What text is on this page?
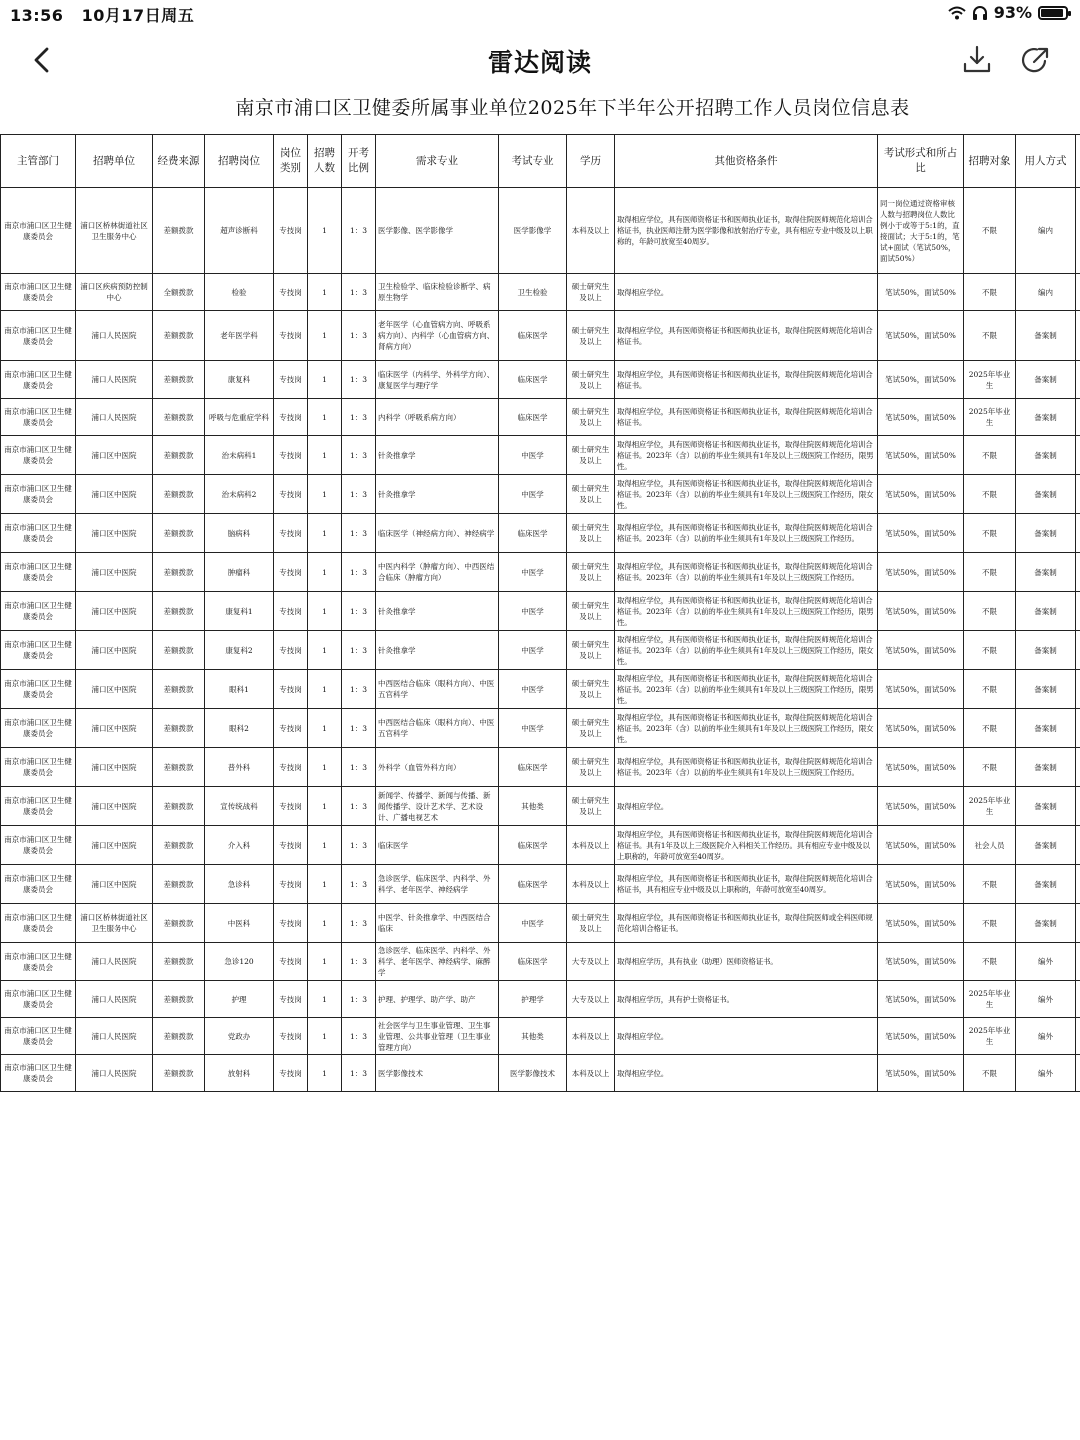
13:56 10月17日周五	93%
雷达阅读
南京市浦口区卫健委所属事业单位2025年下半年公开招聘工作人员岗位信息表
主管部门	招聘单位	经费来源	招聘岗位	岗位类别	招聘人数	开考比例	需求专业	考试专业	学历	其他资格条件	考试形式和所占比	招聘对象	用人方式	
南京市浦口区卫生健康委员会	浦口区桥林街道社区卫生服务中心	差额拨款	超声诊断科	专技岗	1	1：3	医学影像、医学影像学	医学影像学	本科及以上	取得相应学位，具有医师资格证书和医师执业证书，取得住院医师规范化培训合格证书，执业医师注册为医学影像和放射治疗专业，具有相应专业中级及以上职称的，年龄可放宽至40周岁。	同一岗位通过资格审核人数与招聘岗位人数比例小于或等于5:1的，直接面试；大于5:1的，笔试+面试（笔试50%，面试50%）	不限	编内	
南京市浦口区卫生健康委员会	浦口区疾病预防控制中心	全额拨款	检验	专技岗	1	1：3	卫生检验学、临床检验诊断学、病原生物学	卫生检验	硕士研究生及以上	取得相应学位。	笔试50%，面试50%	不限	编内	
南京市浦口区卫生健康委员会	浦口人民医院	差额拨款	老年医学科	专技岗	1	1：3	老年医学（心血管病方向、呼吸系病方向）、内科学（心血管病方向、肾病方向）	临床医学	硕士研究生及以上	取得相应学位，具有医师资格证书和医师执业证书，取得住院医师规范化培训合格证书。	笔试50%，面试50%	不限	备案制	
南京市浦口区卫生健康委员会	浦口人民医院	差额拨款	康复科	专技岗	1	1：3	临床医学（内科学、外科学方向）、康复医学与理疗学	临床医学	硕士研究生及以上	取得相应学位，具有医师资格证书和医师执业证书，取得住院医师规范化培训合格证书。	笔试50%，面试50%	2025年毕业生	备案制	
南京市浦口区卫生健康委员会	浦口人民医院	差额拨款	呼吸与危重症学科	专技岗	1	1：3	内科学（呼吸系病方向）	临床医学	硕士研究生及以上	取得相应学位，具有医师资格证书和医师执业证书，取得住院医师规范化培训合格证书。	笔试50%，面试50%	2025年毕业生	备案制	
南京市浦口区卫生健康委员会	浦口区中医院	差额拨款	治未病科1	专技岗	1	1：3	针灸推拿学	中医学	硕士研究生及以上	取得相应学位，具有医师资格证书和医师执业证书，取得住院医师规范化培训合格证书。2023年（含）以前的毕业生须具有1年及以上三级医院工作经历，限男性。	笔试50%，面试50%	不限	备案制	
南京市浦口区卫生健康委员会	浦口区中医院	差额拨款	治未病科2	专技岗	1	1：3	针灸推拿学	中医学	硕士研究生及以上	取得相应学位，具有医师资格证书和医师执业证书，取得住院医师规范化培训合格证书。2023年（含）以前的毕业生须具有1年及以上三级医院工作经历，限女性。	笔试50%，面试50%	不限	备案制	
南京市浦口区卫生健康委员会	浦口区中医院	差额拨款	脑病科	专技岗	1	1：3	临床医学（神经病方向）、神经病学	临床医学	硕士研究生及以上	取得相应学位，具有医师资格证书和医师执业证书，取得住院医师规范化培训合格证书。2023年（含）以前的毕业生须具有1年及以上三级医院工作经历。	笔试50%，面试50%	不限	备案制	
南京市浦口区卫生健康委员会	浦口区中医院	差额拨款	肿瘤科	专技岗	1	1：3	中医内科学（肿瘤方向）、中西医结合临床（肿瘤方向）	中医学	硕士研究生及以上	取得相应学位，具有医师资格证书和医师执业证书，取得住院医师规范化培训合格证书。2023年（含）以前的毕业生须具有1年及以上三级医院工作经历。	笔试50%，面试50%	不限	备案制	
南京市浦口区卫生健康委员会	浦口区中医院	差额拨款	康复科1	专技岗	1	1：3	针灸推拿学	中医学	硕士研究生及以上	取得相应学位，具有医师资格证书和医师执业证书，取得住院医师规范化培训合格证书。2023年（含）以前的毕业生须具有1年及以上三级医院工作经历，限男性。	笔试50%，面试50%	不限	备案制	
南京市浦口区卫生健康委员会	浦口区中医院	差额拨款	康复科2	专技岗	1	1：3	针灸推拿学	中医学	硕士研究生及以上	取得相应学位，具有医师资格证书和医师执业证书，取得住院医师规范化培训合格证书。2023年（含）以前的毕业生须具有1年及以上三级医院工作经历，限女性。	笔试50%，面试50%	不限	备案制	
南京市浦口区卫生健康委员会	浦口区中医院	差额拨款	眼科1	专技岗	1	1：3	中西医结合临床（眼科方向）、中医五官科学	中医学	硕士研究生及以上	取得相应学位，具有医师资格证书和医师执业证书，取得住院医师规范化培训合格证书。2023年（含）以前的毕业生须具有1年及以上三级医院工作经历，限男性。	笔试50%，面试50%	不限	备案制	
南京市浦口区卫生健康委员会	浦口区中医院	差额拨款	眼科2	专技岗	1	1：3	中西医结合临床（眼科方向）、中医五官科学	中医学	硕士研究生及以上	取得相应学位，具有医师资格证书和医师执业证书，取得住院医师规范化培训合格证书。2023年（含）以前的毕业生须具有1年及以上三级医院工作经历，限女性。	笔试50%，面试50%	不限	备案制	
南京市浦口区卫生健康委员会	浦口区中医院	差额拨款	普外科	专技岗	1	1：3	外科学（血管外科方向）	临床医学	硕士研究生及以上	取得相应学位，具有医师资格证书和医师执业证书，取得住院医师规范化培训合格证书。2023年（含）以前的毕业生须具有1年及以上三级医院工作经历。	笔试50%，面试50%	不限	备案制	
南京市浦口区卫生健康委员会	浦口区中医院	差额拨款	宣传统战科	专技岗	1	1：3	新闻学、传播学、新闻与传播、新闻传播学、设计艺术学、艺术设计、广播电视艺术	其他类	硕士研究生及以上	取得相应学位。	笔试50%，面试50%	2025年毕业生	备案制	
南京市浦口区卫生健康委员会	浦口区中医院	差额拨款	介入科	专技岗	1	1：3	临床医学	临床医学	本科及以上	取得相应学位，具有医师资格证书和医师执业证书，取得住院医师规范化培训合格证书。具有1年及以上三级医院介入科相关工作经历。具有相应专业中级及以上职称的，年龄可放宽至40周岁。	笔试50%，面试50%	社会人员	备案制	
南京市浦口区卫生健康委员会	浦口区中医院	差额拨款	急诊科	专技岗	1	1：3	急诊医学、临床医学、内科学、外科学、老年医学、神经病学	临床医学	本科及以上	取得相应学位，具有医师资格证书和医师执业证书，取得住院医师规范化培训合格证书，具有相应专业中级及以上职称的，年龄可放宽至40周岁。	笔试50%，面试50%	不限	备案制	
南京市浦口区卫生健康委员会	浦口区桥林街道社区卫生服务中心	差额拨款	中医科	专技岗	1	1：3	中医学、针灸推拿学、中西医结合临床	中医学	硕士研究生及以上	取得相应学位，具有医师资格证书和医师执业证书，取得住院医师或全科医师规范化培训合格证书。	笔试50%，面试50%	不限	备案制	
南京市浦口区卫生健康委员会	浦口人民医院	差额拨款	急诊120	专技岗	1	1：3	急诊医学、临床医学、内科学、外科学、老年医学、神经病学、麻醉学	临床医学	大专及以上	取得相应学历，具有执业（助理）医师资格证书。	笔试50%，面试50%	不限	编外	
南京市浦口区卫生健康委员会	浦口人民医院	差额拨款	护理	专技岗	1	1：3	护理、护理学、助产学、助产	护理学	大专及以上	取得相应学历，具有护士资格证书。	笔试50%，面试50%	2025年毕业生	编外	
南京市浦口区卫生健康委员会	浦口人民医院	差额拨款	党政办	专技岗	1	1：3	社会医学与卫生事业管理、卫生事业管理、公共事业管理（卫生事业管理方向）	其他类	本科及以上	取得相应学位。	笔试50%，面试50%	2025年毕业生	编外	
南京市浦口区卫生健康委员会	浦口人民医院	差额拨款	放射科	专技岗	1	1：3	医学影像技术	医学影像技术	本科及以上	取得相应学位。	笔试50%，面试50%	不限	编外	
